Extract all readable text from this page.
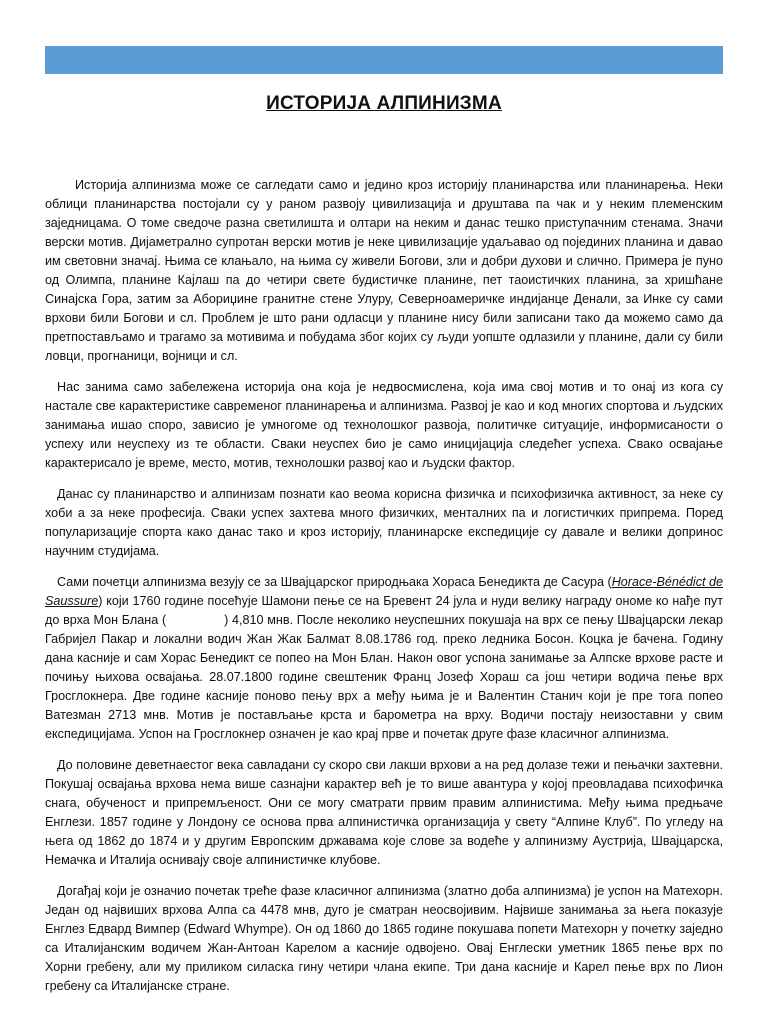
ИСТОРИЈА АЛПИНИЗМА

Историја алпинизма може се сагледати само и једино кроз историју планинарства или планинарења. Неки облици планинарства постојали су у раном развоју цивилизација и друштава па чак и у неким племенским заједницама. О томе сведоче разна светилишта и олтари на неким и данас тешко приступачним стенама. Значи верски мотив. Дијаметрално супротан верски мотив је неке цивилизације удаљавао од појединих планина и давао им световни значај. Њима се клањало, на њима су живели Богови, зли и добри духови и слично. Примера је пуно од Олимпа, планине Кајлаш па до четири свете будистичке планине, пет таоистичких планина, за хришћане Синајска Гора, затим за Абориџине гранитне стене Улуру, Северноамеричке индијанце Денали, за Инке су сами врхови били Богови и сл. Проблем је што рани одласци у планине нису били записани тако да можемо само да претпостављамо и трагамо за мотивима и побудама због којих су људи уопште одлазили у планине, дали су били ловци, прогнаници, војници и сл.

Нас занима само забележена историја она која је недвосмислена, која има свој мотив и то онај из кога су настале све карактеристике савременог планинарења и алпинизма. Развој је као и код многих спортова и људских занимања ишао споро, зависио је умногоме од технолошког развоја, политичке ситуације, информисаности о успеху или неуспеху из те области. Сваки неуспех био је само иницијација следећег успеха. Свако освајање карактерисало је време, место, мотив, технолошки развој као и људски фактор.

Данас су планинарство и алпинизам познати као веома корисна физичка и психофизичка активност, за неке су хоби а за неке професија. Сваки успех захтева много физичких, менталних па и логистичких припрема. Поред популаризације спорта како данас тако и кроз историју, планинарске експедиције су давале и велики допринос научним студијама.

Сами почетци алпинизма везују се за Швајцарског природњака Хораса Бенедикта де Сасура (Horace-Bénédict de Saussure) који 1760 године посећује Шамони пење се на Бревент 24 јула и нуди велику награду ономе ко нађе пут до врха Мон Блана (	) 4,810 мнв. После неколико неуспешних покушаја на врх се пењу Швајцарски лекар Габријел Пакар и локални водич Жан Жак Балмат 8.08.1786 год. преко ледника Босон. Коцка је бачена. Годину дана касније и сам Хорас Бенедикт се попео на Мон Блан. Након овог успона занимање за Алпске врхове расте и почињу њихова освајања. 28.07.1800 године свештеник Франц Јозеф Хораш са још четири водича пење врх Гросглокнера. Две године касније поново пењу врх а међу њима је и Валентин Станич који је пре тога попео Ватезман 2713 мнв. Мотив је постављање крста и барометра на врху. Водичи постају неизоставни у свим експедицијама. Успон на Гросглокнер означен је као крај прве и почетак друге фазе класичног алпинизма.

До половине деветнаестог века савладани су скоро сви лакши врхови а на ред долазе тежи и пењачки захтевни. Покушај освајања врхова нема више сазнајни карактер већ је то више авантура у којој преовладава психофичка снага, обученост и припремљеност. Они се могу сматрати првим правим алпинистима. Међу њима предњаче Енглези. 1857 године у Лондону се основа прва алпинистичка организација у свету “Алпине Клуб”. По угледу на њега од 1862 до 1874 и у другим Европским државама које слове за водеће у алпинизму Аустрија, Швајцарска, Немачка и Италија оснивају своје алпинистичке клубове.

Догађај који је означио почетак треће фазе класичног алпинизма (златно доба алпинизма) је успон на Матехорн. Један од највиших врхова Алпа са 4478 мнв, дуго је сматран неосвојивим. Највише занимања за њега показује Енглез Едвард Вимпер (Edward Whympe). Он од 1860 до 1865 године покушава попети Матехорн у почетку заједно са Италијанским водичем Жан-Антоан Карелом а касније одвојено. Овај Енглески уметник 1865 пење врх по Хорни гребену, али му приликом силаска гину четири члана екипе. Три дана касније и Карел пење врх по Лион гребену са Италијанске стране.
